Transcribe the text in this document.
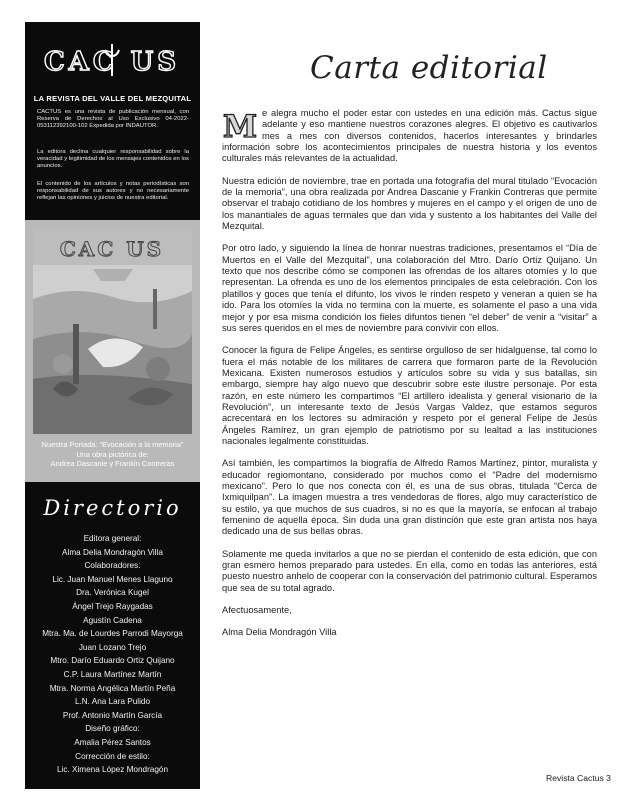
CAC US
LA REVISTA DEL VALLE DEL MEZQUITAL
CACTUS es una revista de publicación mensual, con Reserva de Derechos al Uso Exclusivo 04-2022-053112392100-102 Expedida por INDAUTOR.
La editora declina cualquier responsabilidad sobre la veracidad y legitimidad de los mensajes contenidos en los anuncios.
El contenido de los artículos y notas periodísticas son responsabilidad de sus autores y no necesariamente reflejan las opiniones y juicios de nuestra editorial.
CAC US
Nuestra Portada: “Evocación a la memoria”
Una obra pictórica de:
Andrea Dascanie y Frankin Contreras
Directorio
Editora general:
Alma Delia Mondragón Villa
Colaboradores:
Lic. Juan Manuel Menes Llaguno
Dra. Verónica Kugel
Ángel Trejo Raygadas
Agustín Cadena
Mtra. Ma. de Lourdes Parrodi Mayorga
Juan Lozano Trejo
Mtro. Darío Eduardo Ortiz Quijano
C.P. Laura Martínez Martín
Mtra. Norma Angélica Martín Peña
L.N. Ana Lara Pulido
Prof. Antonio Martín García
Diseño gráfico:
Amalia Pérez Santos
Corrección de estilo:
Lic. Ximena López Mondragón
Carta editorial

M e alegra mucho el poder estar con ustedes en una edición más. Cactus sigue adelante y eso mantiene nuestros corazones alegres. El objetivo es cautivarlos mes a mes con diversos contenidos, hacerlos interesantes y brindarles información sobre los acontecimientos principales de nuestra historia y los eventos culturales más relevantes de la actualidad.

Nuestra edición de noviembre, trae en portada una fotografía del mural titulado “Evocación de la memoria”, una obra realizada por Andrea Dascanie y Frankin Contreras que permite observar el trabajo cotidiano de los hombres y mujeres en el campo y el origen de uno de los manantiales de aguas termales que dan vida y sustento a los habitantes del Valle del Mezquital.

Por otro lado, y siguiendo la línea de honrar nuestras tradiciones, presentamos el “Día de Muertos en el Valle del Mezquital”, una colaboración del Mtro. Darío Ortiz Quijano. Un texto que nos describe cómo se componen las ofrendas de los altares otomíes y lo que representan. La ofrenda es uno de los elementos principales de esta celebración. Con los platillos y goces que tenía el difunto, los vivos le rinden respeto y veneran a quien se ha ido. Para los otomíes la vida no termina con la muerte, es solamente el paso a una vida mejor y por esa misma condición los fieles difuntos tienen “el deber” de venir a “visitar” a sus seres queridos en el mes de noviembre para convivir con ellos.

Conocer la figura de Felipe Ángeles, es sentirse orgulloso de ser hidalguense, tal como lo fuera el más notable de los militares de carrera que formaron parte de la Revolución Mexicana. Existen numerosos estudios y artículos sobre su vida y sus batallas, sin embargo, siempre hay algo nuevo que descubrir sobre este ilustre personaje. Por esta razón, en este número les compartimos “El artillero idealista y general visionario de la Revolución”, un interesante texto de Jesús Vargas Valdez, que estamos seguros acrecentará en los lectores su admiración y respeto por el general Felipe de Jesús Ángeles Ramírez, un gran ejemplo de patriotismo por su lealtad a las instituciones nacionales legalmente constituidas.

Así también, les compartimos la biografía de Alfredo Ramos Martínez, pintor, muralista y educador regiomontano, considerado por muchos como el “Padre del modernismo mexicano”. Pero lo que nos conecta con él, es una de sus obras, titulada “Cerca de Ixmiquilpan”. La imagen muestra a tres vendedoras de flores, algo muy característico de su estilo, ya que muchos de sus cuadros, si no es que la mayoría, se enfocan al trabajo femenino de aquella época. Sin duda una gran distinción que este gran artista nos haya dedicado una de sus bellas obras.

Solamente me queda invitarlos a que no se pierdan el contenido de esta edición, que con gran esmero hemos preparado para ustedes. En ella, como en todas las anteriores, está puesto nuestro anhelo de cooperar con la conservación del patrimonio cultural. Esperamos que sea de su total agrado.

Afectuosamente,

Alma Delia Mondragón Villa

Revista Cactus 3
